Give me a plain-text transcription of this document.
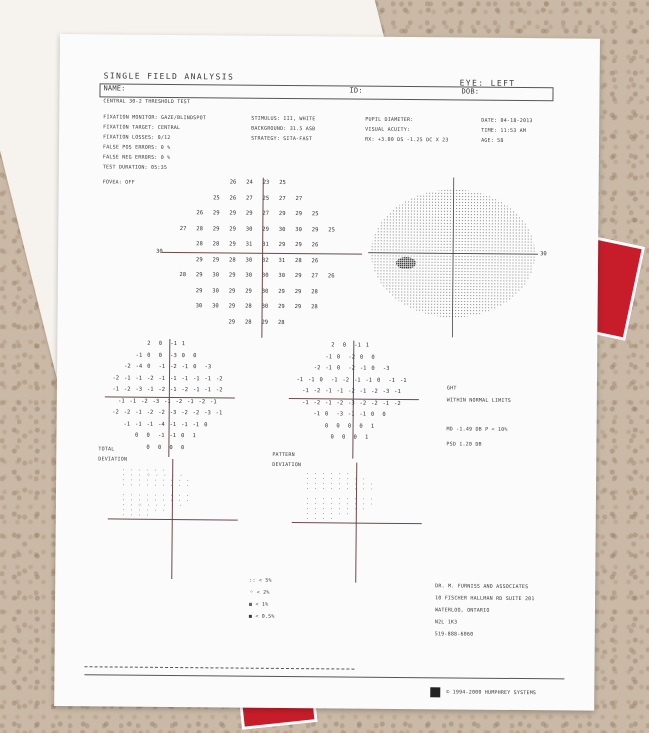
SINGLE FIELD ANALYSIS
EYE: LEFT
NAME:	ID:	DOB:
CENTRAL 30-2 THRESHOLD TEST
FIXATION MONITOR: GAZE/BLINDSPOT
FIXATION TARGET: CENTRAL
FIXATION LOSSES: 0/12
FALSE POS ERRORS: 0 %
FALSE NEG ERRORS: 0 %
TEST DURATION: 05:35
FOVEA: OFF
STIMULUS: III, WHITE
BACKGROUND: 31.5 ASB
STRATEGY: SITA-FAST
PUPIL DIAMETER:
VISUAL ACUITY:
RX: +3.00 DS -1.25 DC X 23
DATE: 04-18-2013
TIME: 11:53 AM
AGE: 58
30
26 24 23 25
25 26 27 25 27 27
26 29 29 29 27 29 29 25
27 28 29 29 30 29 30 30 29 25
28 28 29 31 31 29 29 26
29 29 28 30 32 31 28 26
28 29 30 29 30 30 30 29 27 26
29 30 29 29 30 29 29 28
30 30 29 28 30 29 29 28
29 28 29 28
30
2 0 -1 1
-1 0 0 -3 0 0
-2 -4 0 -1 -2 -1 0 -3
-2 -1 -1 -2 -1 -1 -1 -1 -1 -2
-1 -2 -3 -1 -2 -1 -2 -1 -1 -2
-1 -1 -2 -3 -1 -2 -1 -2 -1
-2 -2 -1 -2 -2 -3 -2 -2 -3 -1
-1 -1 -1 -4 -1 -1 -1 0
0 0 -1 -1 0 1
0 0 0 0
2 0 -1 1
-1 0 -2 0 0
-2 -1 0 -2 -1 0 -3
-1 -1 0 -1 -2 -1 -1 0 -1 -1
-1 -2 -1 -1 -2 -1 -2 -3 -1
-1 -2 -1 -2 -3 -2 -2 -1 -2
-1 0 -3 -1 -1 0 0
0 0 0 0 1
0 0 0 1
GHT
WITHIN NORMAL LIMITS
MD -1.49 DB P < 10%
PSD 1.20 DB
TOTAL
DEVIATION
PATTERN
DEVIATION
· · · · · ·
· · · ⁘ · · · ·
· · · · · · · · ·
· · · · · · · · ·

· · · · · · · · ·
· · · · · · · · ·
· · ⁘ · · · · ·
· · · · · ·
· · · ·
· · · · · ·
· · · · · · · ·
· · · · · · · · ·
· · · · · · · · ·

· · · · · · · · ·
· · · · · · · · ·
· · · · · · · ·
· · · · · ·
· · · ·
:: < 5%
⁘ < 2%
▦ < 1%
■ < 0.5%
DR. M. FURNISS AND ASSOCIATES
10 FISCHER HALLMAN RD SUITE 201
WATERLOO, ONTARIO
N2L 1K3
519-888-6060
© 1994-2000 HUMPHREY SYSTEMS
